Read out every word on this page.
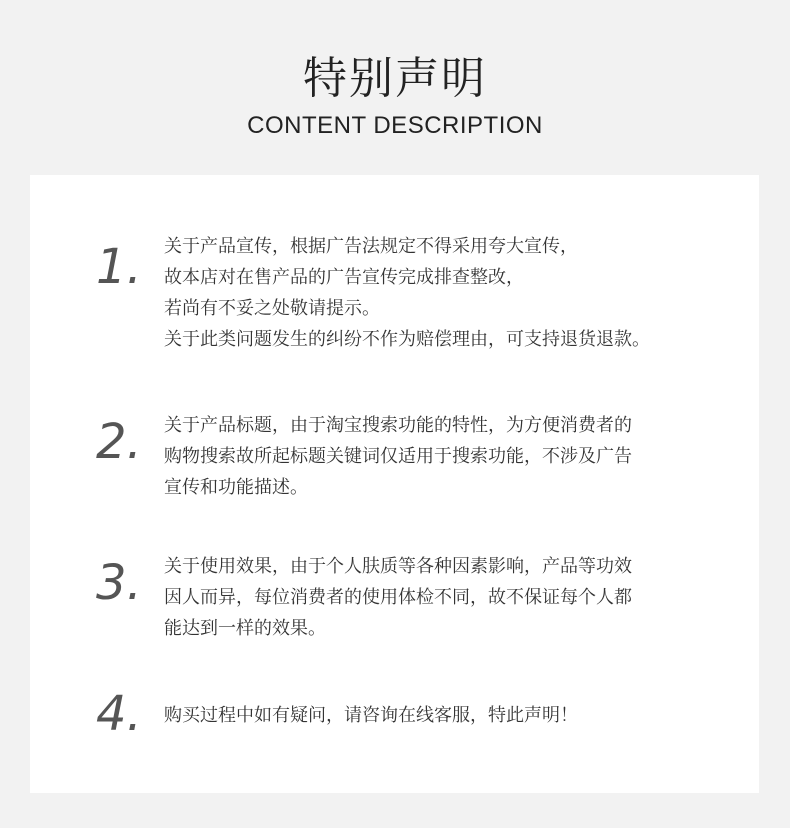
特别声明
CONTENT DESCRIPTION
1.	关于产品宣传，根据广告法规定不得采用夸大宣传，
故本店对在售产品的广告宣传完成排查整改，
若尚有不妥之处敬请提示。
关于此类问题发生的纠纷不作为赔偿理由，可支持退货退款。
2.	关于产品标题，由于淘宝搜索功能的特性，为方便消费者的
购物搜索故所起标题关键词仅适用于搜索功能，不涉及广告
宣传和功能描述。
3.	关于使用效果，由于个人肤质等各种因素影响，产品等功效
因人而异，每位消费者的使用体检不同，故不保证每个人都
能达到一样的效果。
4.	购买过程中如有疑问，请咨询在线客服，特此声明！
